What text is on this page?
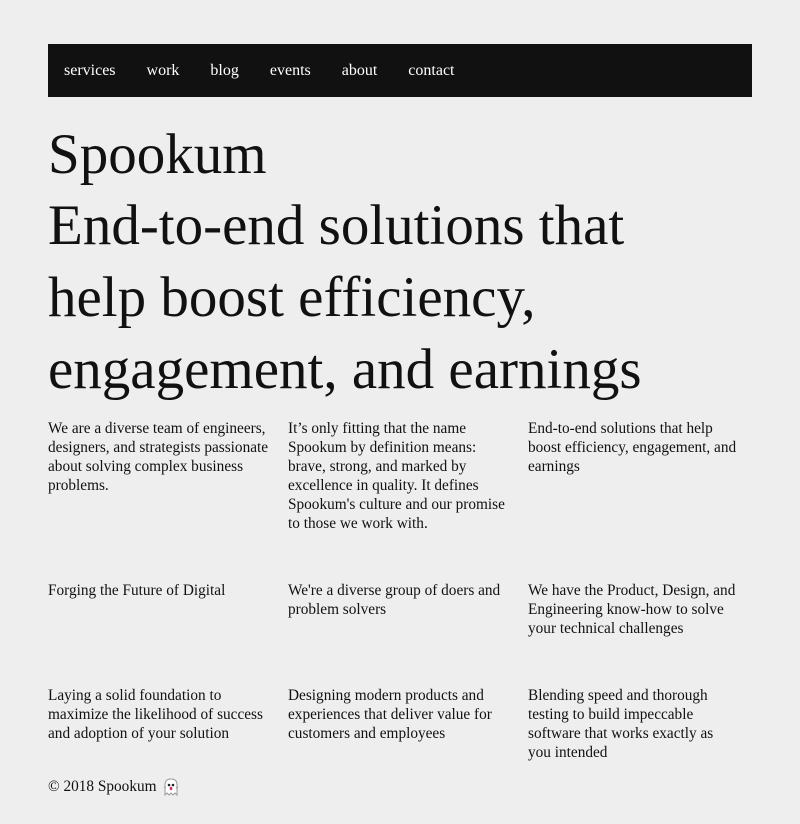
services work blog events about contact
Spookum
End-to-end solutions that help boost efficiency, engagement, and earnings

We are a diverse team of engineers, designers, and strategists passionate about solving complex business problems.

It’s only fitting that the name Spookum by definition means: brave, strong, and marked by excellence in quality. It defines Spookum's culture and our promise to those we work with.

End-to-end solutions that help boost efficiency, engagement, and earnings

Forging the Future of Digital	We're a diverse group of doers and problem solvers

We have the Product, Design, and Engineering know-how to solve your technical challenges

Laying a solid foundation to maximize the likelihood of success and adoption of your solution

Designing modern products and experiences that deliver value for customers and employees

Blending speed and thorough testing to build impeccable software that works exactly as you intended

© 2018 Spookum
